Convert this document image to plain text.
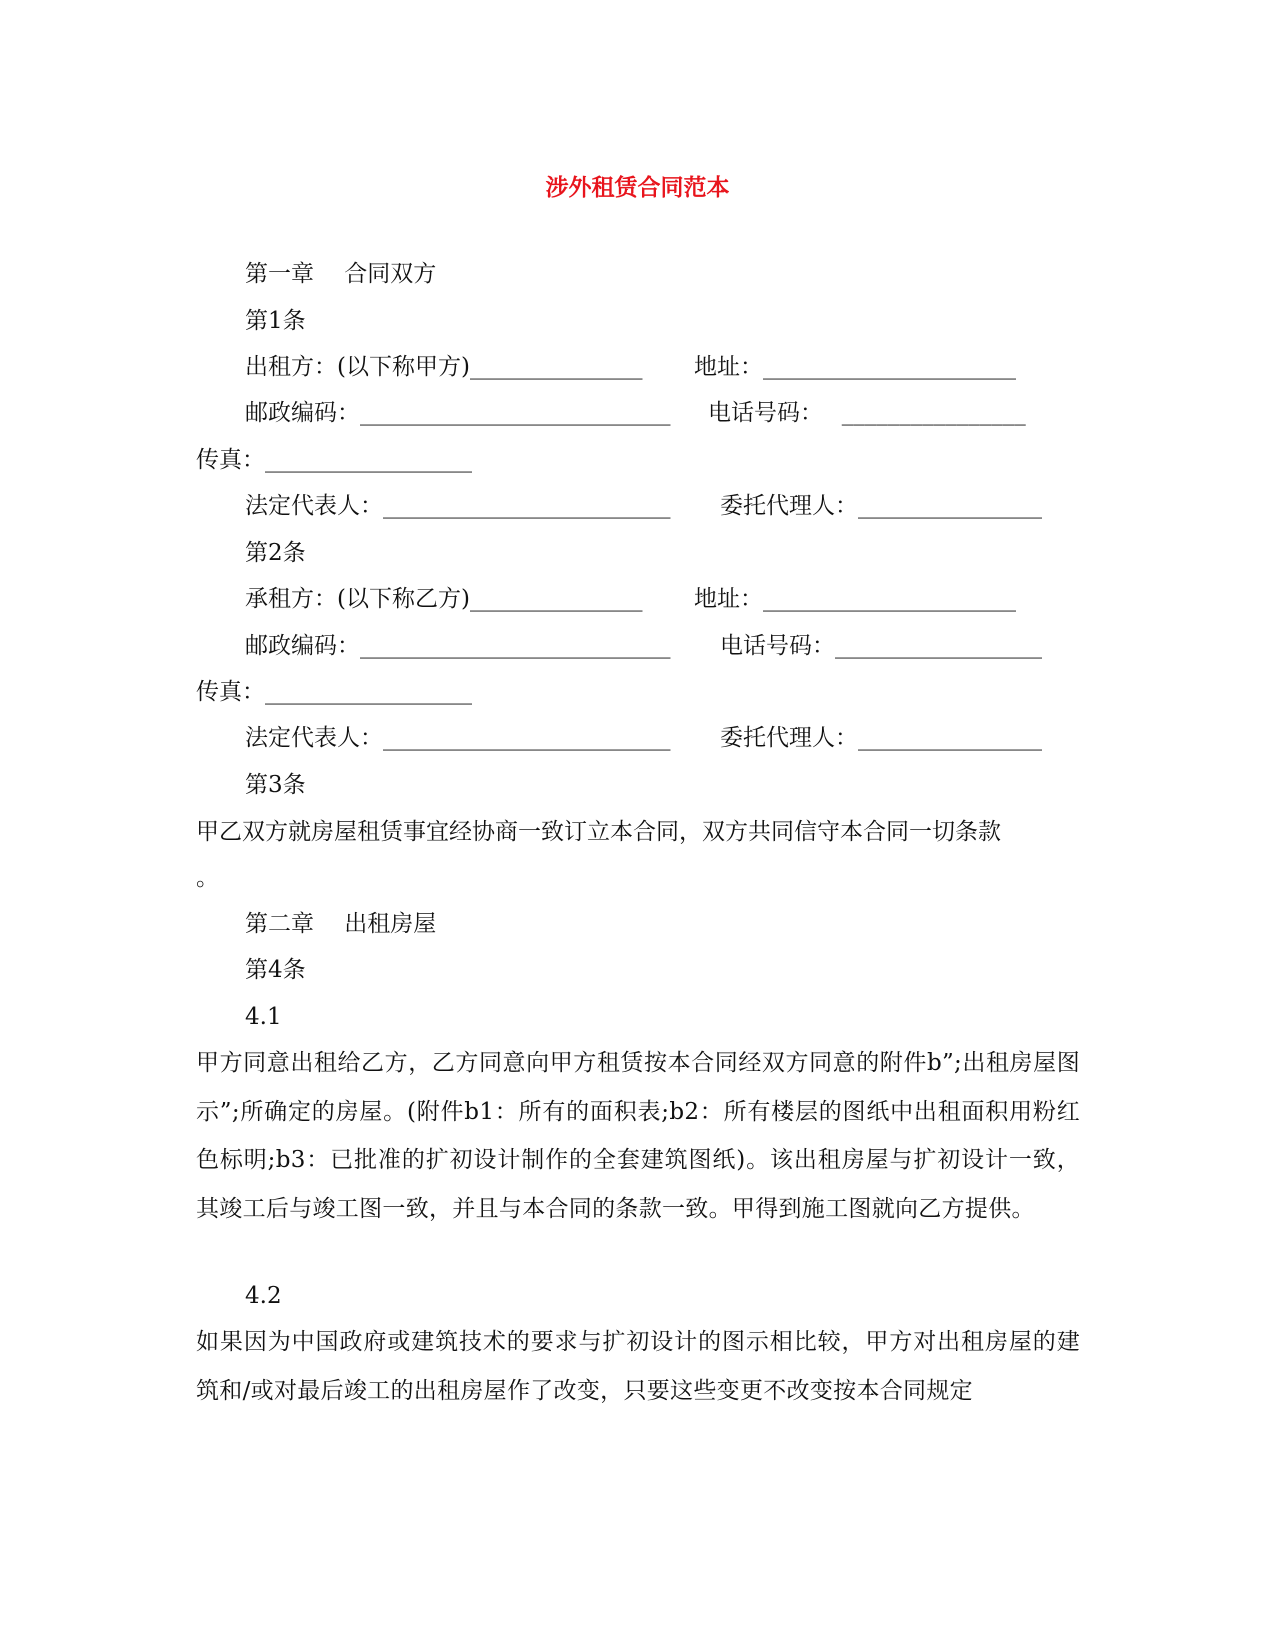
涉外租赁合同范本
第一章　 合同双方
第1条
出租方：(以下称甲方)_______________ 地址：______________________
邮政编码：___________________________ 电话号码：　 ________________
传真：__________________
法定代表人：_________________________ 委托代理人：________________
第2条
承租方：(以下称乙方)_______________ 地址：______________________
邮政编码：___________________________ 电话号码：__________________
传真：__________________
法定代表人：_________________________ 委托代理人：________________
第3条
甲乙双方就房屋租赁事宜经协商一致订立本合同，双方共同信守本合同一切条款
。
第二章　 出租房屋
第4条
4.1
甲方同意出租给乙方，乙方同意向甲方租赁按本合同经双方同意的附件b”;出租房屋图示”;所确定的房屋。(附件b1：所有的面积表;b2：所有楼层的图纸中出租面积用粉红色标明;b3：已批准的扩初设计制作的全套建筑图纸)。该出租房屋与扩初设计一致，其竣工后与竣工图一致，并且与本合同的条款一致。甲得到施工图就向乙方提供。
4.2
如果因为中国政府或建筑技术的要求与扩初设计的图示相比较，甲方对出租房屋的建筑和/或对最后竣工的出租房屋作了改变，只要这些变更不改变按本合同规定
